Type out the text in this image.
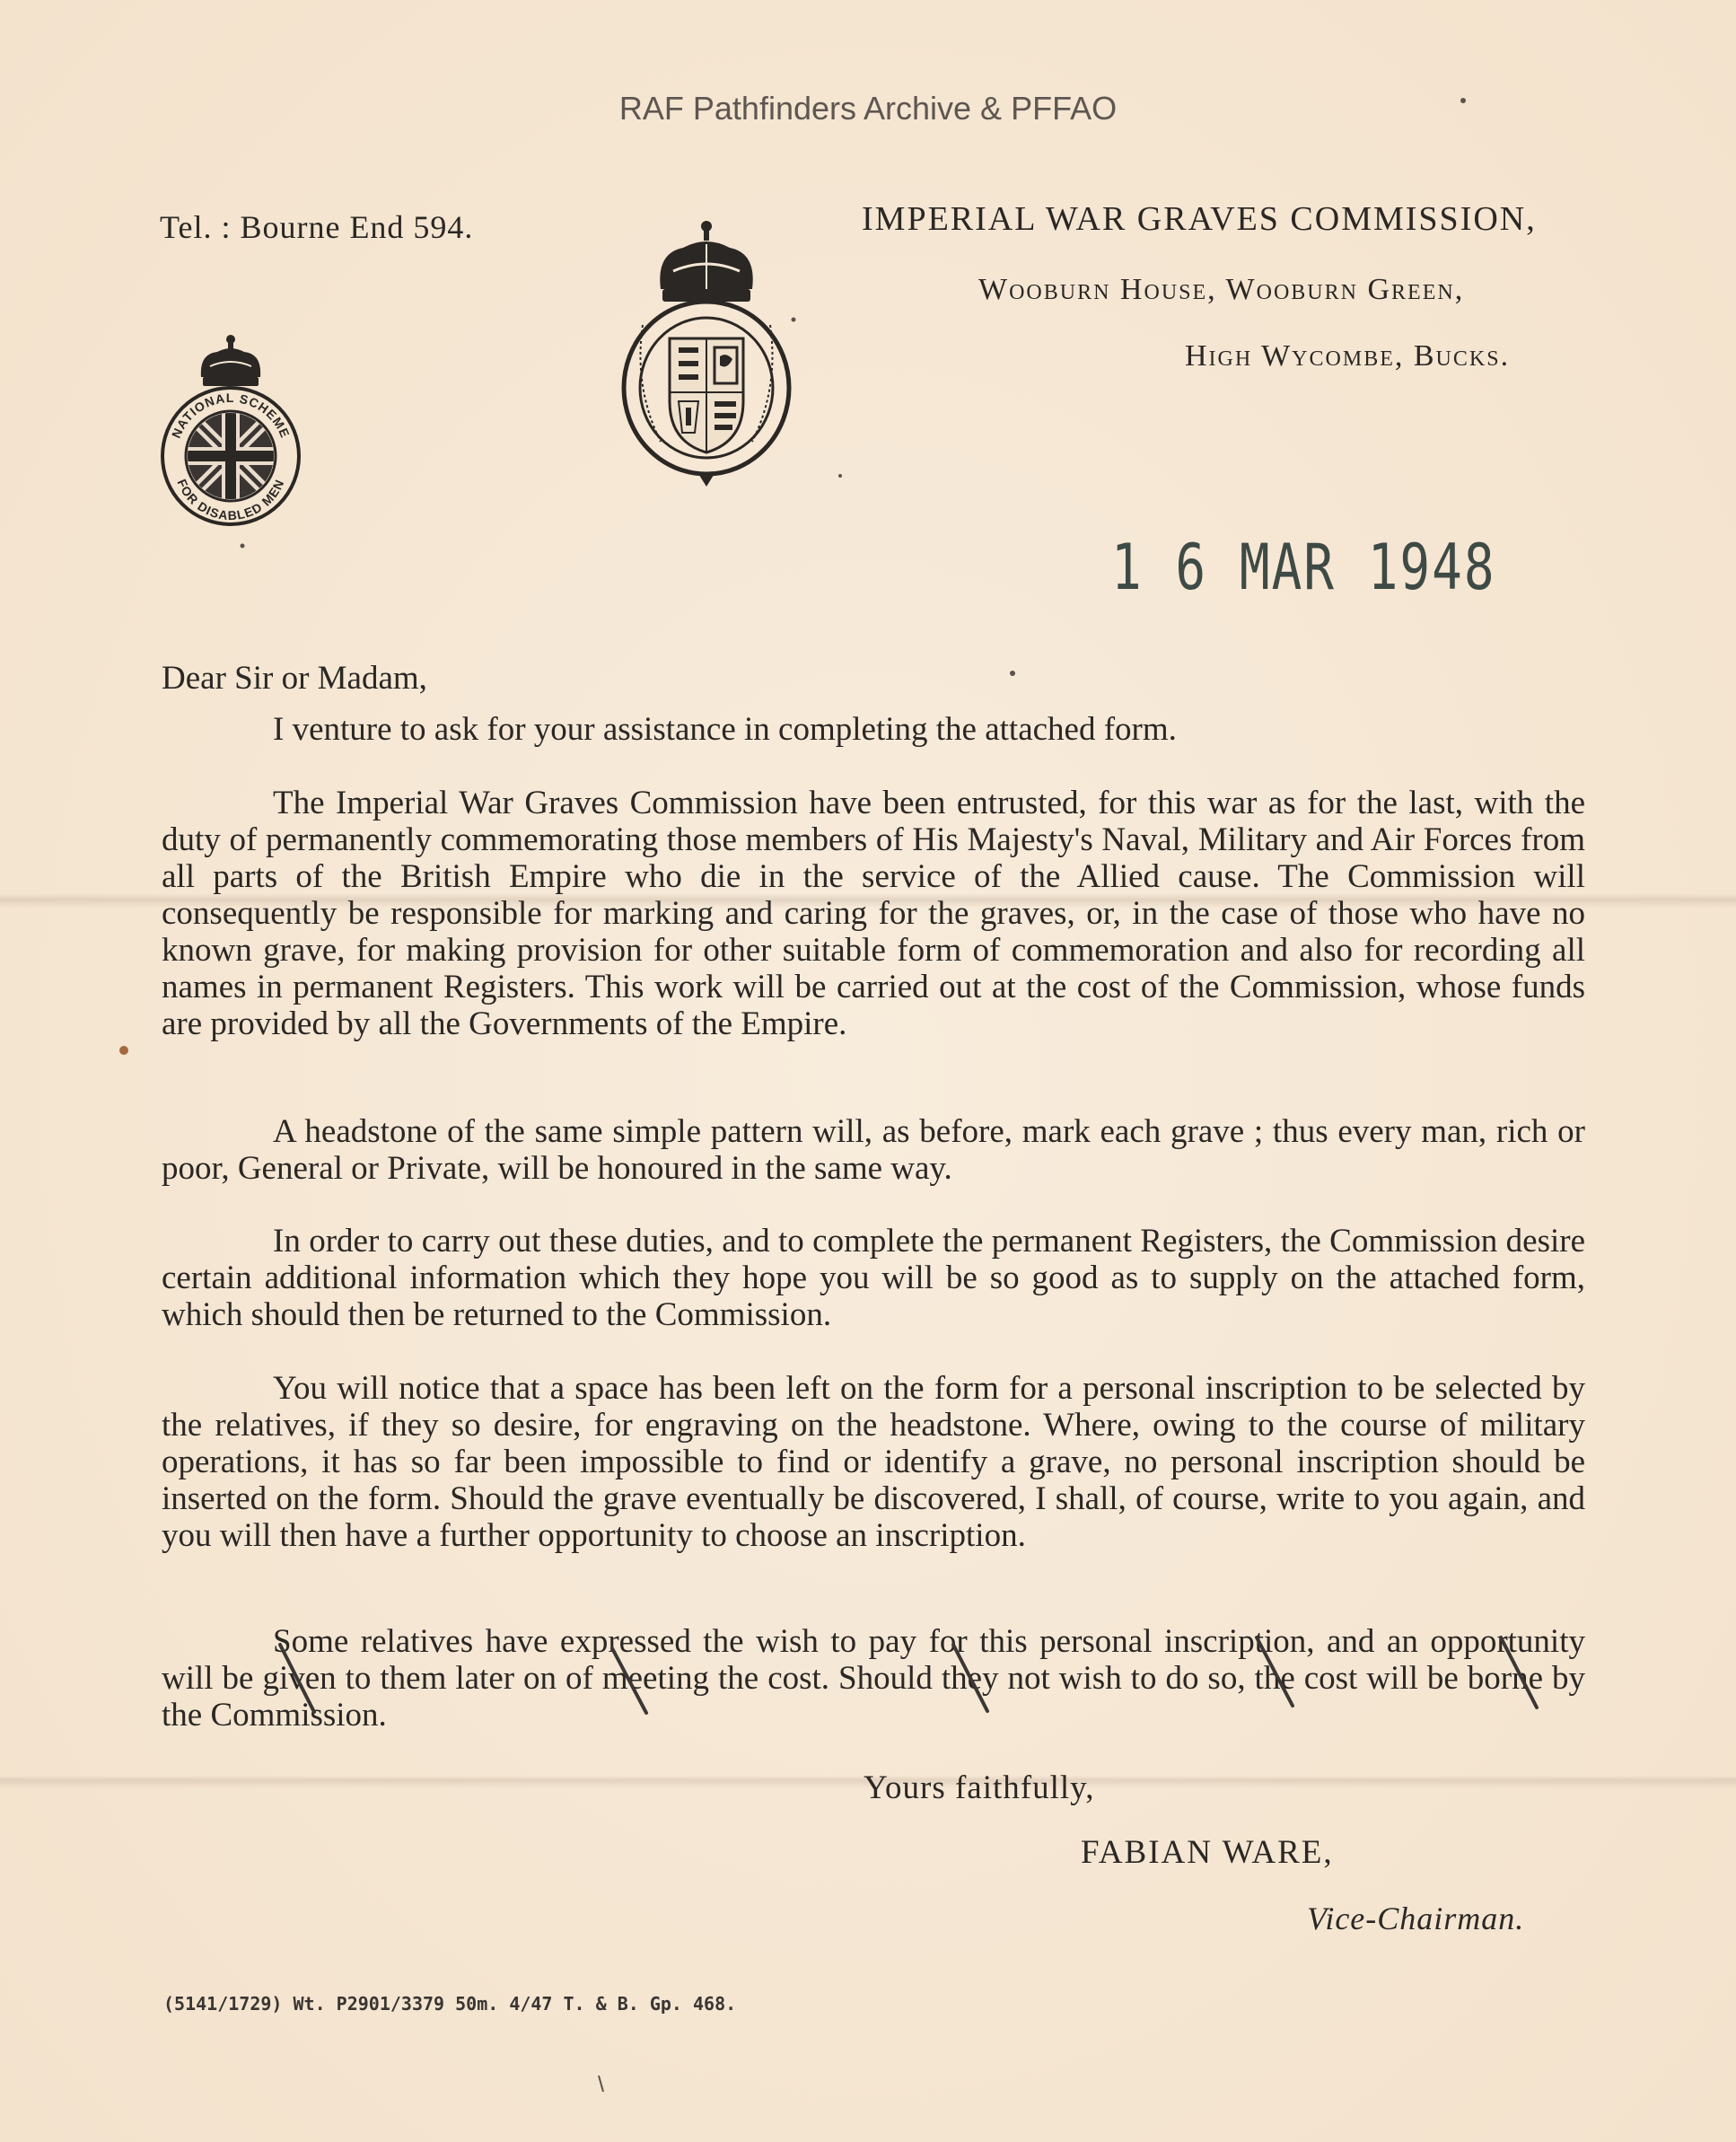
RAF Pathfinders Archive & PFFAO
Tel. : Bourne End 594.	IMPERIAL WAR GRAVES COMMISSION,
Wooburn House, Wooburn Green,
High Wycombe, Bucks.
NATIONAL SCHEME
FOR DISABLED MEN
1 6 MAR 1948
Dear Sir or Madam,

I venture to ask for your assistance in completing the attached form.

The Imperial War Graves Commission have been entrusted, for this war as for the last, with the duty of permanently commemorating those members of His Majesty's Naval, Military and Air Forces from all parts of the British Empire who die in the service of the Allied cause. The Commission will consequently be responsible for marking and caring for the graves, or, in the case of those who have no known grave, for making provision for other suitable form of commemoration and also for recording all names in permanent Registers. This work will be carried out at the cost of the Commission, whose funds are provided by all the Governments of the Empire.

A headstone of the same simple pattern will, as before, mark each grave ; thus every man, rich or poor, General or Private, will be honoured in the same way.

In order to carry out these duties, and to complete the permanent Registers, the Commission desire certain additional information which they hope you will be so good as to supply on the attached form, which should then be returned to the Commission.

You will notice that a space has been left on the form for a personal inscription to be selected by the relatives, if they so desire, for engraving on the headstone. Where, owing to the course of military operations, it has so far been impossible to find or identify a grave, no personal inscription should be inserted on the form. Should the grave eventually be discovered, I shall, of course, write to you again, and you will then have a further opportunity to choose an inscription.

Some relatives have expressed the wish to pay for this personal inscription, and an opportunity will be given to them later on of meeting the cost. Should they not wish to do so, the cost will be borne by the Commission.

Yours faithfully,
FABIAN WARE,
Vice-Chairman.
(5141/1729) Wt. P2901/3379 50m. 4/47 T. & B. Gp. 468.
